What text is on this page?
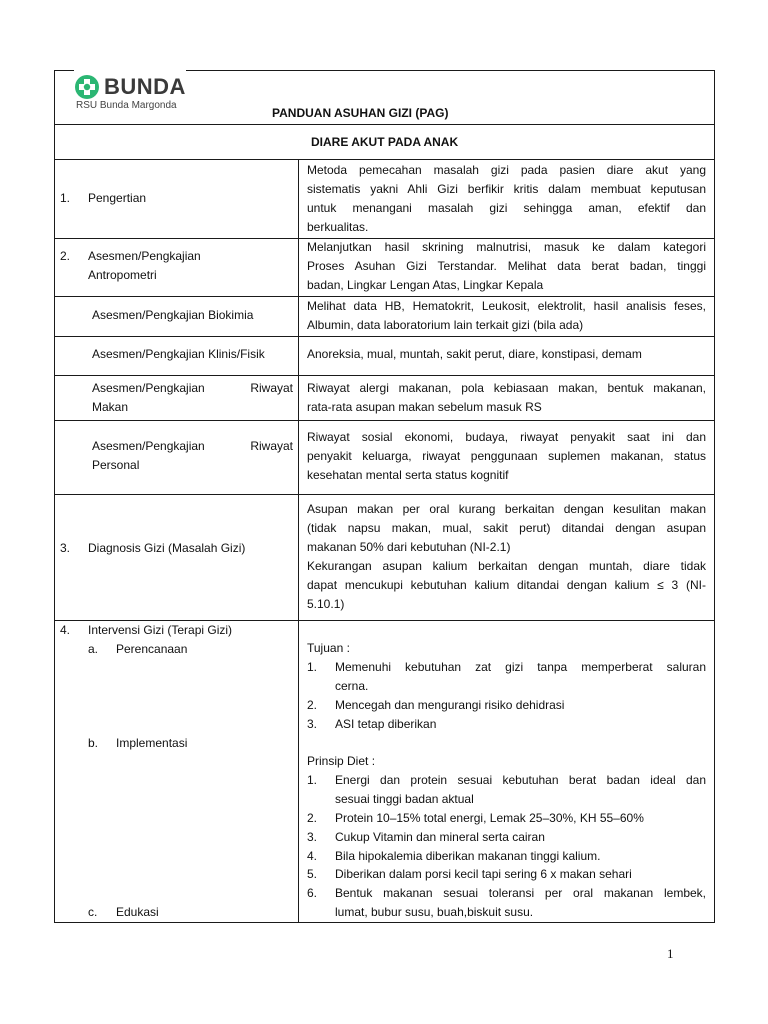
BUNDA
RSU Bunda Margonda
PANDUAN ASUHAN GIZI (PAG)
DIARE AKUT PADA ANAK
1. Pengertian
Metoda pemecahan masalah gizi pada pasien diare akut yang
sistematis yakni Ahli Gizi berfikir kritis dalam membuat keputusan
untuk menangani masalah gizi sehingga aman, efektif dan
berkualitas.
2. Asesmen/Pengkajian
Antropometri
Melanjutkan hasil skrining malnutrisi, masuk ke dalam kategori
Proses Asuhan Gizi Terstandar. Melihat data berat badan, tinggi
badan, Lingkar Lengan Atas, Lingkar Kepala
Asesmen/Pengkajian Biokimia
Melihat data HB, Hematokrit, Leukosit, elektrolit, hasil analisis feses,
Albumin, data laboratorium lain terkait gizi (bila ada)
Asesmen/Pengkajian Klinis/Fisik	Anoreksia, mual, muntah, sakit perut, diare, konstipasi, demam
Asesmen/Pengkajian Riwayat
Makan
Riwayat alergi makanan, pola kebiasaan makan, bentuk makanan,
rata-rata asupan makan sebelum masuk RS
Asesmen/Pengkajian Riwayat
Personal
Riwayat sosial ekonomi, budaya, riwayat penyakit saat ini dan
penyakit keluarga, riwayat penggunaan suplemen makanan, status
kesehatan mental serta status kognitif
3. Diagnosis Gizi (Masalah Gizi)
Asupan makan per oral kurang berkaitan dengan kesulitan makan
(tidak napsu makan, mual, sakit perut) ditandai dengan asupan
makanan 50% dari kebutuhan (NI-2.1)
Kekurangan asupan kalium berkaitan dengan muntah, diare tidak
dapat mencukupi kebutuhan kalium ditandai dengan kalium ≤ 3 (NI-
5.10.1)
4. Intervensi Gizi (Terapi Gizi)
a. Perencanaan
b. Implementasi
c. Edukasi
Tujuan :
1. Memenuhi kebutuhan zat gizi tanpa memperberat saluran
cerna.
2. Mencegah dan mengurangi risiko dehidrasi
3. ASI tetap diberikan
Prinsip Diet :
1. Energi dan protein sesuai kebutuhan berat badan ideal dan
sesuai tinggi badan aktual
2. Protein 10–15% total energi, Lemak 25–30%, KH 55–60%
3. Cukup Vitamin dan mineral serta cairan
4. Bila hipokalemia diberikan makanan tinggi kalium.
5. Diberikan dalam porsi kecil tapi sering 6 x makan sehari
6. Bentuk makanan sesuai toleransi per oral makanan lembek,
lumat, bubur susu, buah,biskuit susu.
1
